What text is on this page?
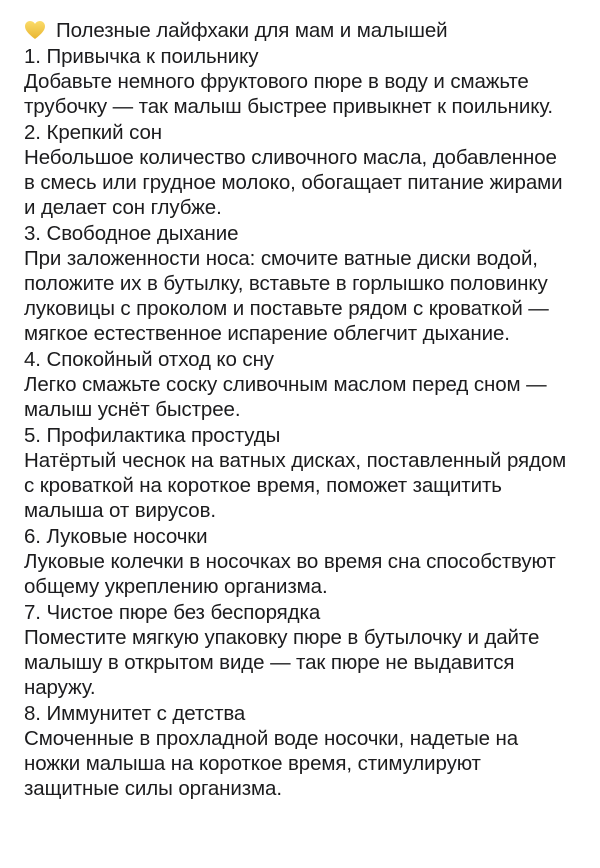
Полезные лайфхаки для мам и малышей
1. Привычка к поильнику
Добавьте немного фруктового пюре в воду и смажьте трубочку — так малыш быстрее привыкнет к поильнику.
2. Крепкий сон
Небольшое количество сливочного масла, добавленное в смесь или грудное молоко, обогащает питание жирами и делает сон глубже.
3. Свободное дыхание
При заложенности носа: смочите ватные диски водой, положите их в бутылку, вставьте в горлышко половинку луковицы с проколом и поставьте рядом с кроваткой — мягкое естественное испарение облегчит дыхание.
4. Спокойный отход ко сну
Легко смажьте соску сливочным маслом перед сном — малыш уснёт быстрее.
5. Профилактика простуды
Натёртый чеснок на ватных дисках, поставленный рядом с кроваткой на короткое время, поможет защитить малыша от вирусов.
6. Луковые носочки
Луковые колечки в носочках во время сна способствуют общему укреплению организма.
7. Чистое пюре без беспорядка
Поместите мягкую упаковку пюре в бутылочку и дайте малышу в открытом виде — так пюре не выдавится наружу.
8. Иммунитет с детства
Смоченные в прохладной воде носочки, надетые на ножки малыша на короткое время, стимулируют защитные силы организма.
